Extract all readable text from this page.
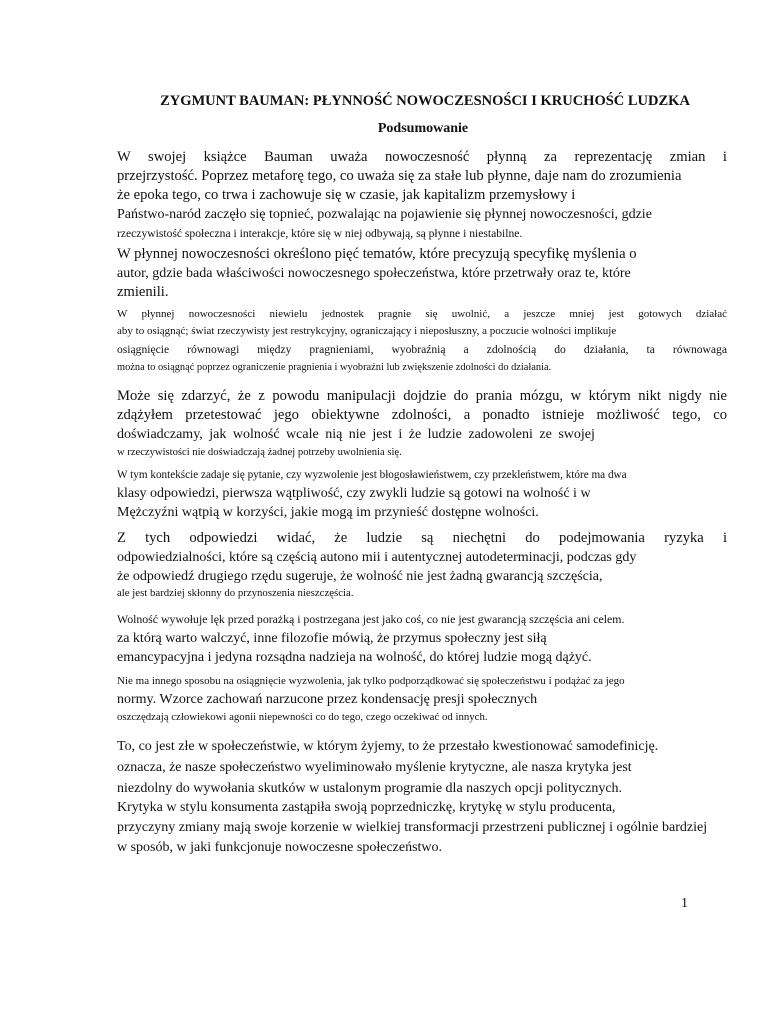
ZYGMUNT BAUMAN: PŁYNNOŚĆ NOWOCZESNOŚCI I KRUCHOŚĆ LUDZKA
Podsumowanie
W swojej książce Bauman uważa nowoczesność płynną za reprezentację zmian i
przejrzystość. Poprzez metaforę tego, co uważa się za stałe lub płynne, daje nam do zrozumienia
że epoka tego, co trwa i zachowuje się w czasie, jak kapitalizm przemysłowy i
Państwo-naród zaczęło się topnieć, pozwalając na pojawienie się płynnej nowoczesności, gdzie
rzeczywistość społeczna i interakcje, które się w niej odbywają, są płynne i niestabilne.
W płynnej nowoczesności określono pięć tematów, które precyzują specyfikę myślenia o
autor, gdzie bada właściwości nowoczesnego społeczeństwa, które przetrwały oraz te, które
zmienili.
W płynnej nowoczesności niewielu jednostek pragnie się uwolnić, a jeszcze mniej jest gotowych działać
aby to osiągnąć; świat rzeczywisty jest restrykcyjny, ograniczający i nieposłuszny, a poczucie wolności implikuje
osiągnięcie równowagi między pragnieniami, wyobraźnią a zdolnością do działania, ta równowaga
można to osiągnąć poprzez ograniczenie pragnienia i wyobraźni lub zwiększenie zdolności do działania.
Może się zdarzyć, że z powodu manipulacji dojdzie do prania mózgu, w którym nikt nigdy nie
zdążyłem przetestować jego obiektywne zdolności, a ponadto istnieje możliwość tego, co
doświadczamy, jak wolność wcale nią nie jest i że ludzie zadowoleni ze swojej
w rzeczywistości nie doświadczają żadnej potrzeby uwolnienia się.
W tym kontekście zadaje się pytanie, czy wyzwolenie jest błogosławieństwem, czy przekleństwem, które ma dwa
klasy odpowiedzi, pierwsza wątpliwość, czy zwykli ludzie są gotowi na wolność i w
Mężczyźni wątpią w korzyści, jakie mogą im przynieść dostępne wolności.
Z tych odpowiedzi widać, że ludzie są niechętni do podejmowania ryzyka i
odpowiedzialności, które są częścią autono mii i autentycznej autodeterminacji, podczas gdy
że odpowiedź drugiego rzędu sugeruje, że wolność nie jest żadną gwarancją szczęścia,
ale jest bardziej skłonny do przynoszenia nieszczęścia.
Wolność wywołuje lęk przed porażką i postrzegana jest jako coś, co nie jest gwarancją szczęścia ani celem.
za którą warto walczyć, inne filozofie mówią, że przymus społeczny jest siłą
emancypacyjna i jedyna rozsądna nadzieja na wolność, do której ludzie mogą dążyć.
Nie ma innego sposobu na osiągnięcie wyzwolenia, jak tylko podporządkować się społeczeństwu i podążać za jego
normy. Wzorce zachowań narzucone przez kondensację presji społecznych
oszczędzają człowiekowi agonii niepewności co do tego, czego oczekiwać od innych.
To, co jest złe w społeczeństwie, w którym żyjemy, to że przestało kwestionować samodefinicję.
oznacza, że nasze społeczeństwo wyeliminowało myślenie krytyczne, ale nasza krytyka jest
niezdolny do wywołania skutków w ustalonym programie dla naszych opcji politycznych.
Krytyka w stylu konsumenta zastąpiła swoją poprzedniczkę, krytykę w stylu producenta,
przyczyny zmiany mają swoje korzenie w wielkiej transformacji przestrzeni publicznej i ogólnie bardziej
w sposób, w jaki funkcjonuje nowoczesne społeczeństwo.
1
